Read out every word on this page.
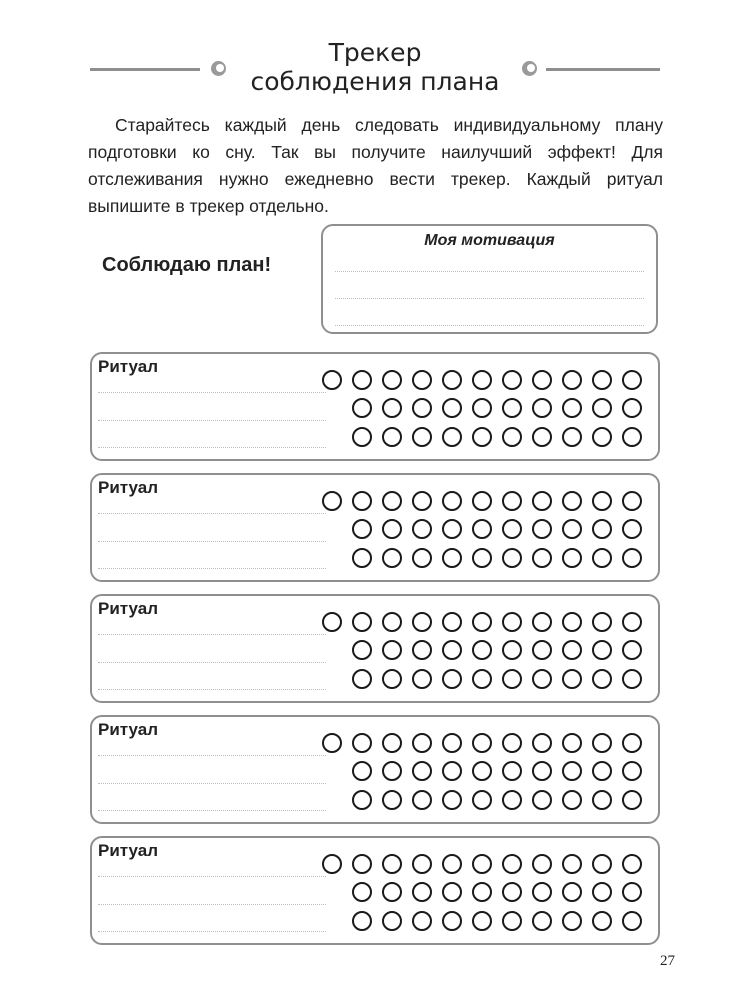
Трекер
соблюдения плана
Старайтесь каждый день следовать индивидуальному плану подготовки ко сну. Так вы получите наилучший эффект! Для отслеживания нужно ежедневно вести трекер. Каждый ритуал выпишите в трекер отдельно.
Соблюдаю план!
Моя мотивация
Ритуал
Ритуал
Ритуал
Ритуал
Ритуал
27
